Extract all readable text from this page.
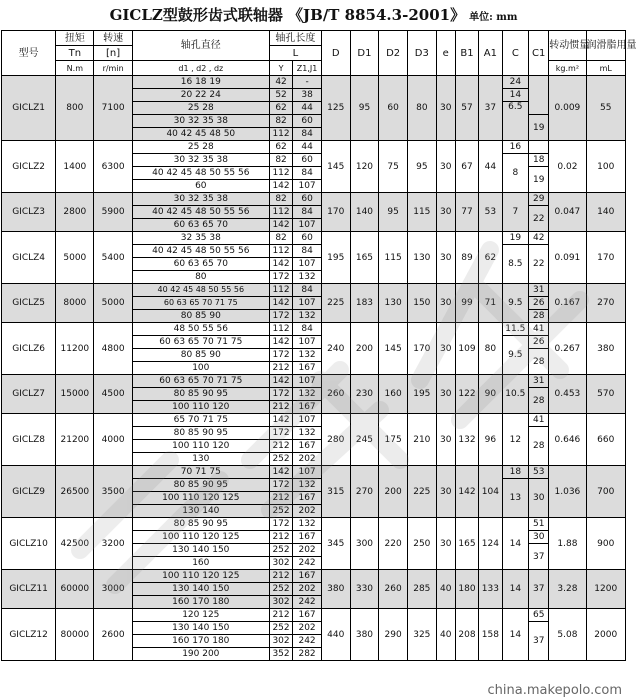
GICLZ型鼓形齿式联轴器 《JB/T 8854.3-2001》 单位: mm
型号	扭矩	转速	轴孔直径	轴孔长度		D	D1	D2	D3	e	B1	A1	C	C1	转动惯量	润滑脂用量
	Tn	[n]		L												
	N.m	r/min	d1 , d2 , dz	Y	Z1,J1										kg.m²	mL
GICLZ1	800	7100	16 18 19	42	-	125	95	60	80	30	57	37	24		0.009	55
			20 22 24	52	38								14			
			25 28	62	44								6.5			
			30 32 35 38	82	60									19		
			40 42 45 48 50	112	84											
GICLZ2	1400	6300	25 28	62	44	145	120	75	95	30	67	44	16		0.02	100
			30 32 35 38	82	60								8	18		
			40 42 45 48 50 55 56	112	84									19		
			60	142	107											
GICLZ3	2800	5900	30 32 35 38	82	60	170	140	95	115	30	77	53	7	29	0.047	140
			40 42 45 48 50 55 56	112	84									22		
			60 63 65 70	142	107											
GICLZ4	5000	5400	32 35 38	82	60	195	165	115	130	30	89	62	19	42	0.091	170
			40 42 45 48 50 55 56	112	84								8.5	22		
			60 63 65 70	142	107											
			80	172	132											
GICLZ5	8000	5000	40 42 45 48 50 55 56	112	84	225	183	130	150	30	99	71	9.5	31	0.167	270
			60 63 65 70 71 75	142	107									26		
			80 85 90	172	132									28		
GICLZ6	11200	4800	48 50 55 56	112	84	240	200	145	170	30	109	80	11.5	41	0.267	380
			60 63 65 70 71 75	142	107								9.5	26		
			80 85 90	172	132									28		
			100	212	167											
GICLZ7	15000	4500	60 63 65 70 71 75	142	107	260	230	160	195	30	122	90	10.5	31	0.453	570
			80 85 90 95	172	132									28		
			100 110 120	212	167											
GICLZ8	21200	4000	65 70 71 75	142	107	280	245	175	210	30	132	96	12	41	0.646	660
			80 85 90 95	172	132									28		
			100 110 120	212	167											
			130	252	202											
GICLZ9	26500	3500	70 71 75	142	107	315	270	200	225	30	142	104	18	53	1.036	700
			80 85 90 95	172	132								13	30		
			100 110 120 125	212	167											
			130 140	252	202											
GICLZ10	42500	3200	80 85 90 95	172	132	345	300	220	250	30	165	124	14	51	1.88	900
			100 110 120 125	212	167									30		
			130 140 150	252	202									37		
			160	302	242											
GICLZ11	60000	3000	100 110 120 125	212	167	380	330	260	285	40	180	133	14	37	3.28	1200
			130 140 150	252	202											
			160 170 180	302	242											
GICLZ12	80000	2600	120 125	212	167	440	380	290	325	40	208	158	14	65	5.08	2000
			130 140 150	252	202									37		
			160 170 180	302	242											
			190 200	352	282											
china.makepolo.com
